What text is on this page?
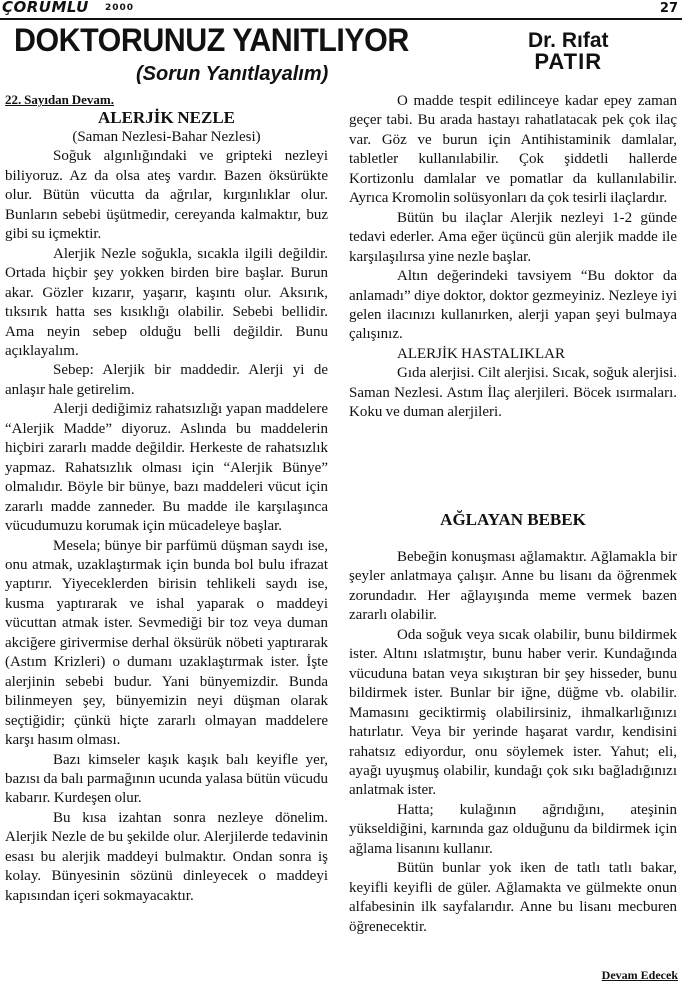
ÇORUMLU 2000	27
DOKTORUNUZ YANITLIYOR
(Sorun Yanıtlayalım)
Dr. Rıfat
PATIR
22. Sayıdan Devam.
ALERJİK NEZLE
(Saman Nezlesi-Bahar Nezlesi)

Soğuk algınlığındaki ve gripteki nezleyi biliyoruz. Az da olsa ateş vardır. Bazen öksürükte olur. Bütün vücutta da ağrılar, kırgınlıklar olur. Bunların sebebi üşütmedir, cereyanda kalmaktır, buz gibi su içmektir.

Alerjik Nezle soğukla, sıcakla ilgili değildir. Ortada hiçbir şey yokken birden bire başlar. Burun akar. Gözler kızarır, yaşarır, kaşıntı olur. Aksırık, tıksırık hatta ses kısıklığı olabilir. Sebebi bellidir. Ama neyin sebep olduğu belli değildir. Bunu açıklayalım.

Sebep: Alerjik bir maddedir. Alerji yi de anlaşır hale getirelim.

Alerji dediğimiz rahatsızlığı yapan maddelere “Alerjik Madde” diyoruz. Aslında bu maddelerin hiçbiri zararlı madde değildir. Herkeste de rahatsızlık yapmaz. Rahatsızlık olması için “Alerjik Bünye” olmalıdır. Böyle bir bünye, bazı maddeleri vücut için zararlı madde zanneder. Bu madde ile karşılaşınca vücudumuzu korumak için mücadeleye başlar.

Mesela; bünye bir parfümü düşman saydı ise, onu atmak, uzaklaştırmak için bunda bol bulu ifrazat yaptırır. Yiyeceklerden birisin tehlikeli saydı ise, kusma yaptırarak ve ishal yaparak o maddeyi vücuttan atmak ister. Sevmediği bir toz veya duman akciğere girivermise derhal öksürük nöbeti yaptırarak (Astım Krizleri) o dumanı uzaklaştırmak ister. İşte alerjinin sebebi budur. Yani bünyemizdir. Bunda bilinmeyen şey, bünyemizin neyi düşman olarak seçtiğidir; çünkü hiçte zararlı olmayan maddelere karşı hasım olması.

Bazı kimseler kaşık kaşık balı keyifle yer, bazısı da balı parmağının ucunda yalasa bütün vücudu kabarır. Kurdeşen olur.

Bu kısa izahtan sonra nezleye dönelim. Alerjik Nezle de bu şekilde olur. Alerjilerde tedavinin esası bu alerjik maddeyi bulmaktır. Ondan sonra iş kolay. Bünyesinin sözünü dinleyecek o maddeyi kapısından içeri sokmayacaktır.

O madde tespit edilinceye kadar epey zaman geçer tabi. Bu arada hastayı rahatlatacak pek çok ilaç var. Göz ve burun için Antihistaminik damlalar, tabletler kullanılabilir. Çok şiddetli hallerde Kortizonlu damlalar ve pomatlar da kullanılabilir. Ayrıca Kromolin solüsyonları da çok tesirli ilaçlardır.

Bütün bu ilaçlar Alerjik nezleyi 1-2 günde tedavi ederler. Ama eğer üçüncü gün alerjik madde ile karşılaşılırsa yine nezle başlar.

Altın değerindeki tavsiyem “Bu doktor da anlamadı” diye doktor, doktor gezmeyiniz. Nezleye iyi gelen ilacınızı kullanırken, alerji yapan şeyi bulmaya çalışınız.

ALERJİK HASTALIKLAR

Gıda alerjisi. Cilt alerjisi. Sıcak, soğuk alerjisi. Saman Nezlesi. Astım İlaç alerjileri. Böcek ısırmaları. Koku ve duman alerjileri.

AĞLAYAN BEBEK

Bebeğin konuşması ağlamaktır. Ağlamakla bir şeyler anlatmaya çalışır. Anne bu lisanı da öğrenmek zorundadır. Her ağlayışında meme vermek bazen zararlı olabilir.

Oda soğuk veya sıcak olabilir, bunu bildirmek ister. Altını ıslatmıştır, bunu haber verir. Kundağında vücuduna batan veya sıkıştıran bir şey hisseder, bunu bildirmek ister. Bunlar bir iğne, düğme vb. olabilir. Mamasını geciktirmiş olabilirsiniz, ihmalkarlığınızı hatırlatır. Veya bir yerinde haşarat vardır, kendisini rahatsız ediyordur, onu söylemek ister. Yahut; eli, ayağı uyuşmuş olabilir, kundağı çok sıkı bağladığınızı anlatmak ister.

Hatta; kulağının ağrıdığını, ateşinin yükseldiğini, karnında gaz olduğunu da bildirmek için ağlama lisanını kullanır.

Bütün bunlar yok iken de tatlı tatlı bakar, keyifli keyifli de güler. Ağlamakta ve gülmekte onun alfabesinin ilk sayfalarıdır. Anne bu lisanı mecburen öğrenecektir.

Devam Edecek
